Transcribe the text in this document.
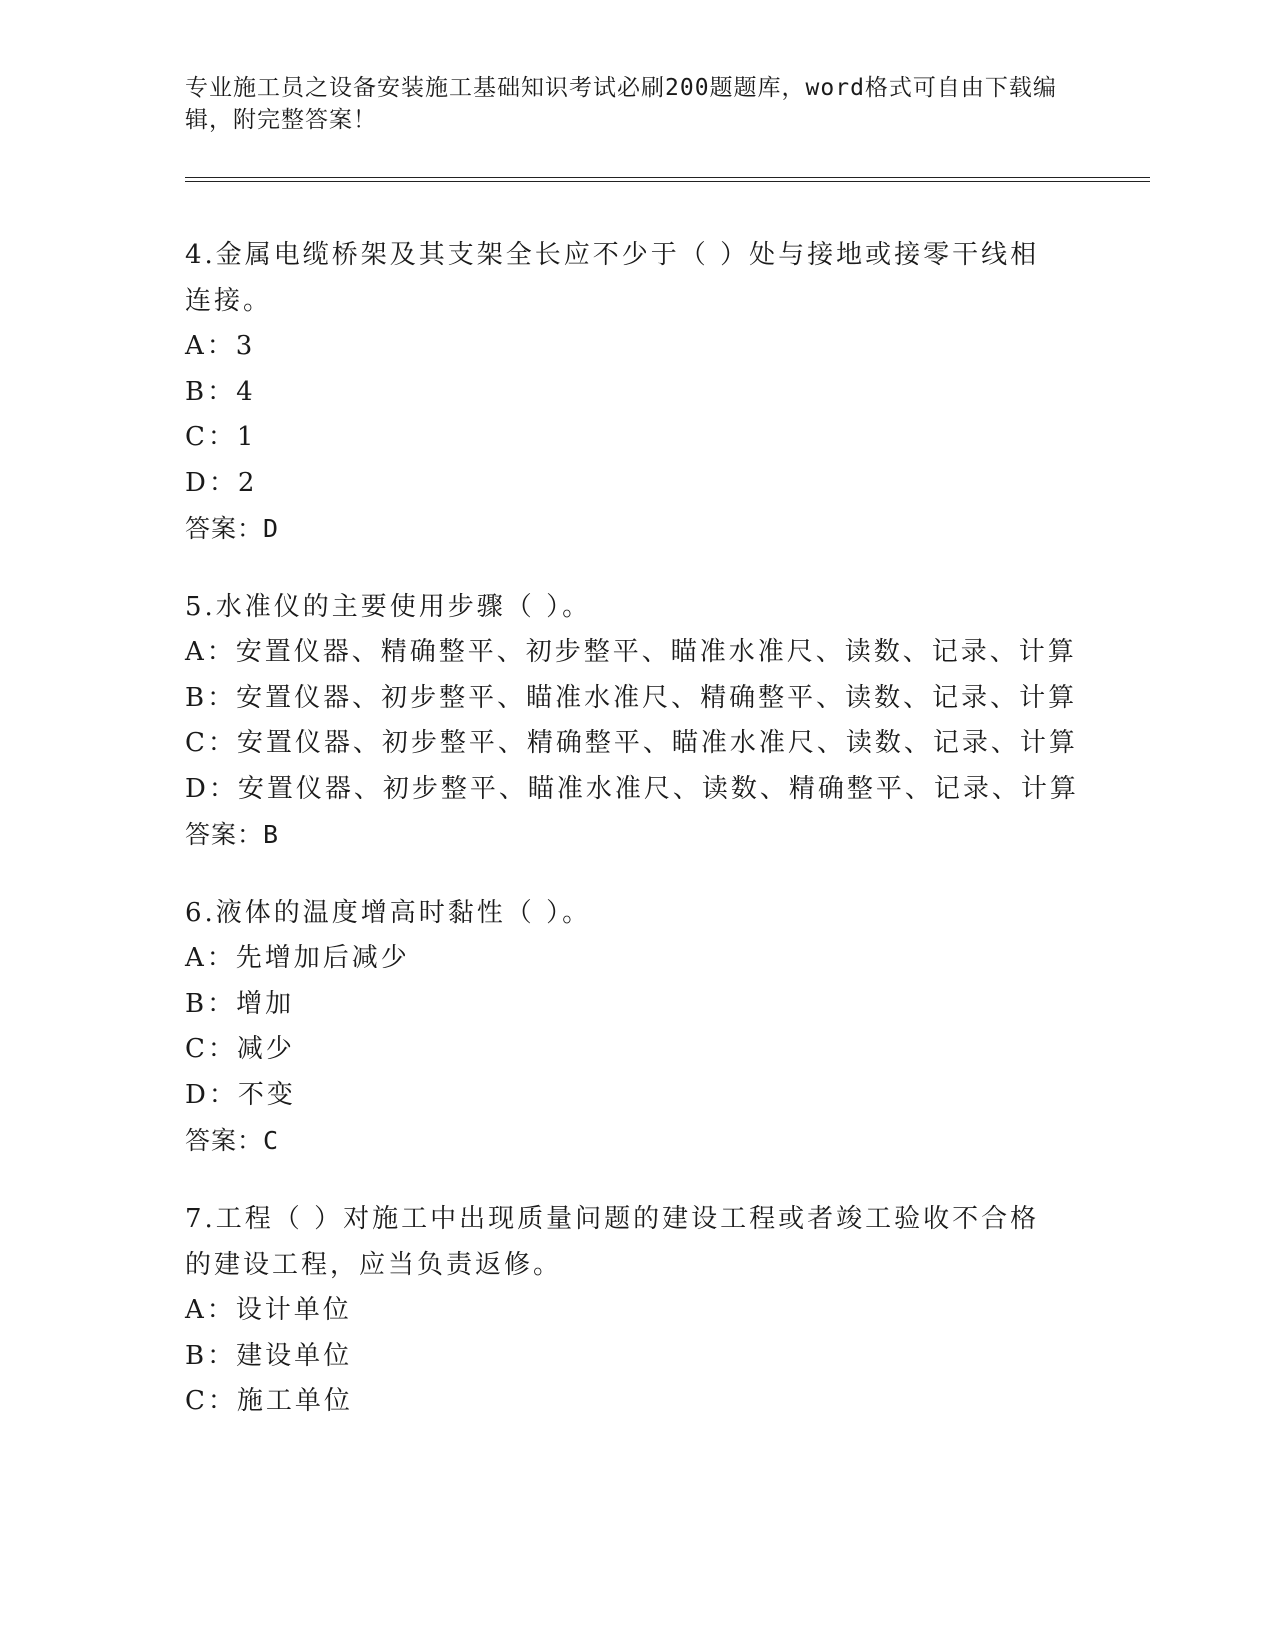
专业施工员之设备安装施工基础知识考试必刷200题题库，word格式可自由下载编辑，附完整答案！

4.金属电缆桥架及其支架全长应不少于（ ）处与接地或接零干线相连接。

A：3

B：4

C：1

D：2

答案：D

5.水准仪的主要使用步骤（ ）。

A：安置仪器、精确整平、初步整平、瞄准水准尺、读数、记录、计算

B：安置仪器、初步整平、瞄准水准尺、精确整平、读数、记录、计算

C：安置仪器、初步整平、精确整平、瞄准水准尺、读数、记录、计算

D：安置仪器、初步整平、瞄准水准尺、读数、精确整平、记录、计算

答案：B

6.液体的温度增高时黏性（ ）。

A：先增加后减少

B：增加

C：减少

D：不变

答案：C

7.工程（ ）对施工中出现质量问题的建设工程或者竣工验收不合格的建设工程，应当负责返修。

A：设计单位

B：建设单位

C：施工单位
